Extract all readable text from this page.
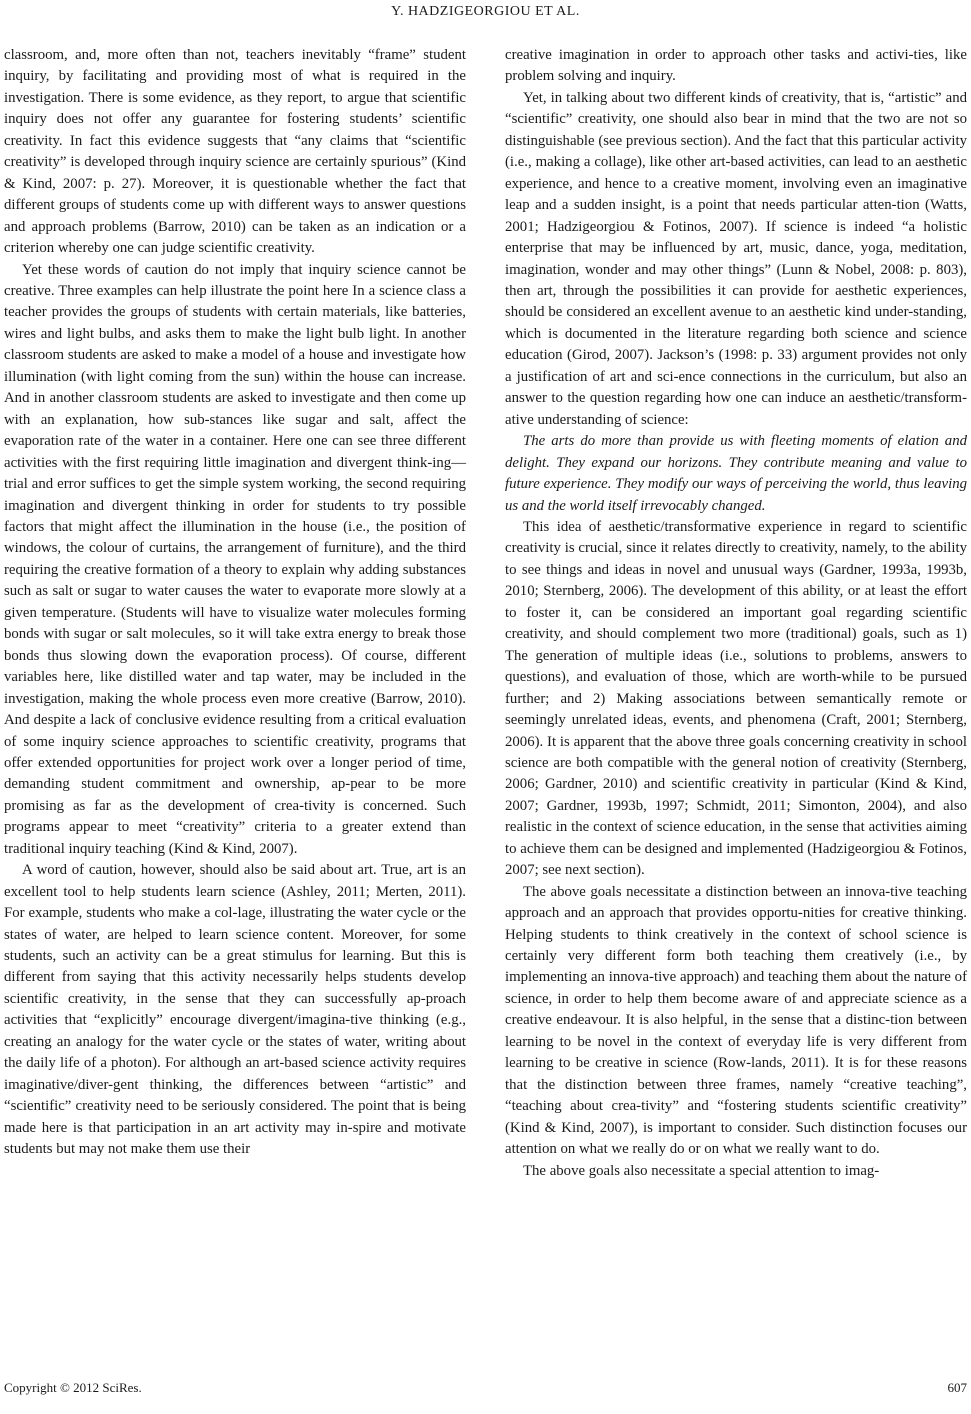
Y. HADZIGEORGIOU ET AL.

classroom, and, more often than not, teachers inevitably “frame” student inquiry, by facilitating and providing most of what is required in the investigation. There is some evidence, as they report, to argue that scientific inquiry does not offer any guarantee for fostering students’ scientific creativity. In fact this evidence suggests that “any claims that “scientific creativity” is developed through inquiry science are certainly spurious” (Kind & Kind, 2007: p. 27). Moreover, it is questionable whether the fact that different groups of students come up with different ways to answer questions and approach problems (Barrow, 2010) can be taken as an indication or a criterion whereby one can judge scientific creativity.

Yet these words of caution do not imply that inquiry science cannot be creative. Three examples can help illustrate the point here In a science class a teacher provides the groups of students with certain materials, like batteries, wires and light bulbs, and asks them to make the light bulb light. In another classroom students are asked to make a model of a house and investigate how illumination (with light coming from the sun) within the house can increase. And in another classroom students are asked to investigate and then come up with an explanation, how sub-stances like sugar and salt, affect the evaporation rate of the water in a container. Here one can see three different activities with the first requiring little imagination and divergent think-ing—trial and error suffices to get the simple system working, the second requiring imagination and divergent thinking in order for students to try possible factors that might affect the illumination in the house (i.e., the position of windows, the colour of curtains, the arrangement of furniture), and the third requiring the creative formation of a theory to explain why adding substances such as salt or sugar to water causes the water to evaporate more slowly at a given temperature. (Students will have to visualize water molecules forming bonds with sugar or salt molecules, so it will take extra energy to break those bonds thus slowing down the evaporation process). Of course, different variables here, like distilled water and tap water, may be included in the investigation, making the whole process even more creative (Barrow, 2010). And despite a lack of conclusive evidence resulting from a critical evaluation of some inquiry science approaches to scientific creativity, programs that offer extended opportunities for project work over a longer period of time, demanding student commitment and ownership, ap-pear to be more promising as far as the development of crea-tivity is concerned. Such programs appear to meet “creativity” criteria to a greater extend than traditional inquiry teaching (Kind & Kind, 2007).

A word of caution, however, should also be said about art. True, art is an excellent tool to help students learn science (Ashley, 2011; Merten, 2011). For example, students who make a col-lage, illustrating the water cycle or the states of water, are helped to learn science content. Moreover, for some students, such an activity can be a great stimulus for learning. But this is different from saying that this activity necessarily helps students develop scientific creativity, in the sense that they can successfully ap-proach activities that “explicitly” encourage divergent/imagina-tive thinking (e.g., creating an analogy for the water cycle or the states of water, writing about the daily life of a photon). For although an art-based science activity requires imaginative/diver-gent thinking, the differences between “artistic” and “scientific” creativity need to be seriously considered. The point that is being made here is that participation in an art activity may in-spire and motivate students but may not make them use their

creative imagination in order to approach other tasks and activi-ties, like problem solving and inquiry.

Yet, in talking about two different kinds of creativity, that is, “artistic” and “scientific” creativity, one should also bear in mind that the two are not so distinguishable (see previous section). And the fact that this particular activity (i.e., making a collage), like other art-based activities, can lead to an aesthetic experience, and hence to a creative moment, involving even an imaginative leap and a sudden insight, is a point that needs particular atten-tion (Watts, 2001; Hadzigeorgiou & Fotinos, 2007). If science is indeed “a holistic enterprise that may be influenced by art, music, dance, yoga, meditation, imagination, wonder and may other things” (Lunn & Nobel, 2008: p. 803), then art, through the possibilities it can provide for aesthetic experiences, should be considered an excellent avenue to an aesthetic kind under-standing, which is documented in the literature regarding both science and science education (Girod, 2007). Jackson’s (1998: p. 33) argument provides not only a justification of art and sci-ence connections in the curriculum, but also an answer to the question regarding how one can induce an aesthetic/transform-ative understanding of science:

The arts do more than provide us with fleeting moments of elation and delight. They expand our horizons. They contribute meaning and value to future experience. They modify our ways of perceiving the world, thus leaving us and the world itself irrevocably changed.

This idea of aesthetic/transformative experience in regard to scientific creativity is crucial, since it relates directly to creativity, namely, to the ability to see things and ideas in novel and unusual ways (Gardner, 1993a, 1993b, 2010; Sternberg, 2006). The development of this ability, or at least the effort to foster it, can be considered an important goal regarding scientific creativity, and should complement two more (traditional) goals, such as 1) The generation of multiple ideas (i.e., solutions to problems, answers to questions), and evaluation of those, which are worth-while to be pursued further; and 2) Making associations between semantically remote or seemingly unrelated ideas, events, and phenomena (Craft, 2001; Sternberg, 2006). It is apparent that the above three goals concerning creativity in school science are both compatible with the general notion of creativity (Sternberg, 2006; Gardner, 2010) and scientific creativity in particular (Kind & Kind, 2007; Gardner, 1993b, 1997; Schmidt, 2011; Simonton, 2004), and also realistic in the context of science education, in the sense that activities aiming to achieve them can be designed and implemented (Hadzigeorgiou & Fotinos, 2007; see next section).

The above goals necessitate a distinction between an innova-tive teaching approach and an approach that provides opportu-nities for creative thinking. Helping students to think creatively in the context of school science is certainly very different form both teaching them creatively (i.e., by implementing an innova-tive approach) and teaching them about the nature of science, in order to help them become aware of and appreciate science as a creative endeavour. It is also helpful, in the sense that a distinc-tion between learning to be novel in the context of everyday life is very different from learning to be creative in science (Row-lands, 2011). It is for these reasons that the distinction between three frames, namely “creative teaching”, “teaching about crea-tivity” and “fostering students scientific creativity” (Kind & Kind, 2007), is important to consider. Such distinction focuses our attention on what we really do or on what we really want to do.

The above goals also necessitate a special attention to imag-

Copyright © 2012 SciRes.	607
